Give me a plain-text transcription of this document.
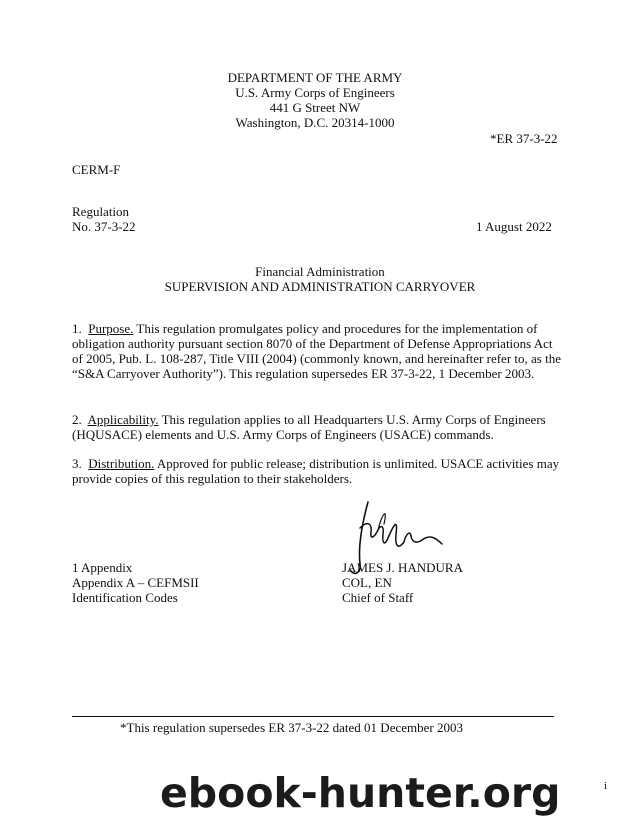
DEPARTMENT OF THE ARMY
U.S. Army Corps of Engineers
441 G Street NW
Washington, D.C. 20314-1000
*ER 37-3-22
CERM-F
Regulation
No. 37-3-22	1 August 2022
Financial Administration
SUPERVISION AND ADMINISTRATION CARRYOVER
1. Purpose. This regulation promulgates policy and procedures for the implementation of obligation authority pursuant section 8070 of the Department of Defense Appropriations Act of 2005, Pub. L. 108-287, Title VIII (2004) (commonly known, and hereinafter refer to, as the “S&A Carryover Authority”). This regulation supersedes ER 37-3-22, 1 December 2003.
2. Applicability. This regulation applies to all Headquarters U.S. Army Corps of Engineers (HQUSACE) elements and U.S. Army Corps of Engineers (USACE) commands.
3. Distribution. Approved for public release; distribution is unlimited. USACE activities may provide copies of this regulation to their stakeholders.
1 Appendix
Appendix A – CEFMSII
Identification Codes
JAMES J. HANDURA
COL, EN
Chief of Staff
*This regulation supersedes ER 37-3-22 dated 01 December 2003
ebook-hunter.org	i
